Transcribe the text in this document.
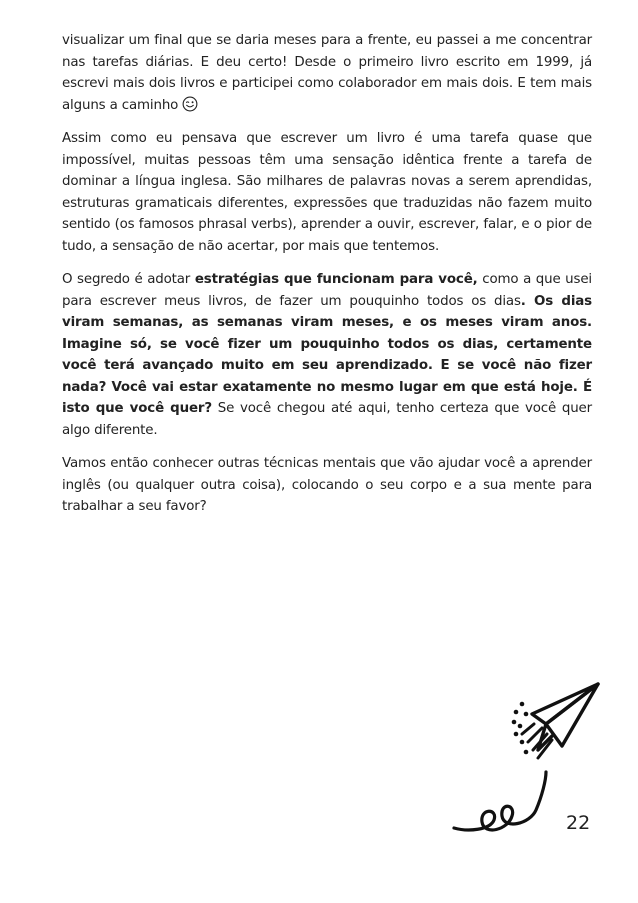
visualizar um final que se daria meses para a frente, eu passei a me concentrar nas tarefas diárias. E deu certo! Desde o primeiro livro escrito em 1999, já escrevi mais dois livros e participei como colaborador em mais dois. E tem mais alguns a caminho

Assim como eu pensava que escrever um livro é uma tarefa quase que impossível, muitas pessoas têm uma sensação idêntica frente a tarefa de dominar a língua inglesa. São milhares de palavras novas a serem aprendidas, estruturas gramaticais diferentes, expressões que traduzidas não fazem muito sentido (os famosos phrasal verbs), aprender a ouvir, escrever, falar, e o pior de tudo, a sensação de não acertar, por mais que tentemos.

O segredo é adotar estratégias que funcionam para você, como a que usei para escrever meus livros, de fazer um pouquinho todos os dias. Os dias viram semanas, as semanas viram meses, e os meses viram anos. Imagine só, se você fizer um pouquinho todos os dias, certamente você terá avançado muito em seu aprendizado. E se você não fizer nada? Você vai estar exatamente no mesmo lugar em que está hoje. É isto que você quer? Se você chegou até aqui, tenho certeza que você quer algo diferente.

Vamos então conhecer outras técnicas mentais que vão ajudar você a aprender inglês (ou qualquer outra coisa), colocando o seu corpo e a sua mente para trabalhar a seu favor?

22
